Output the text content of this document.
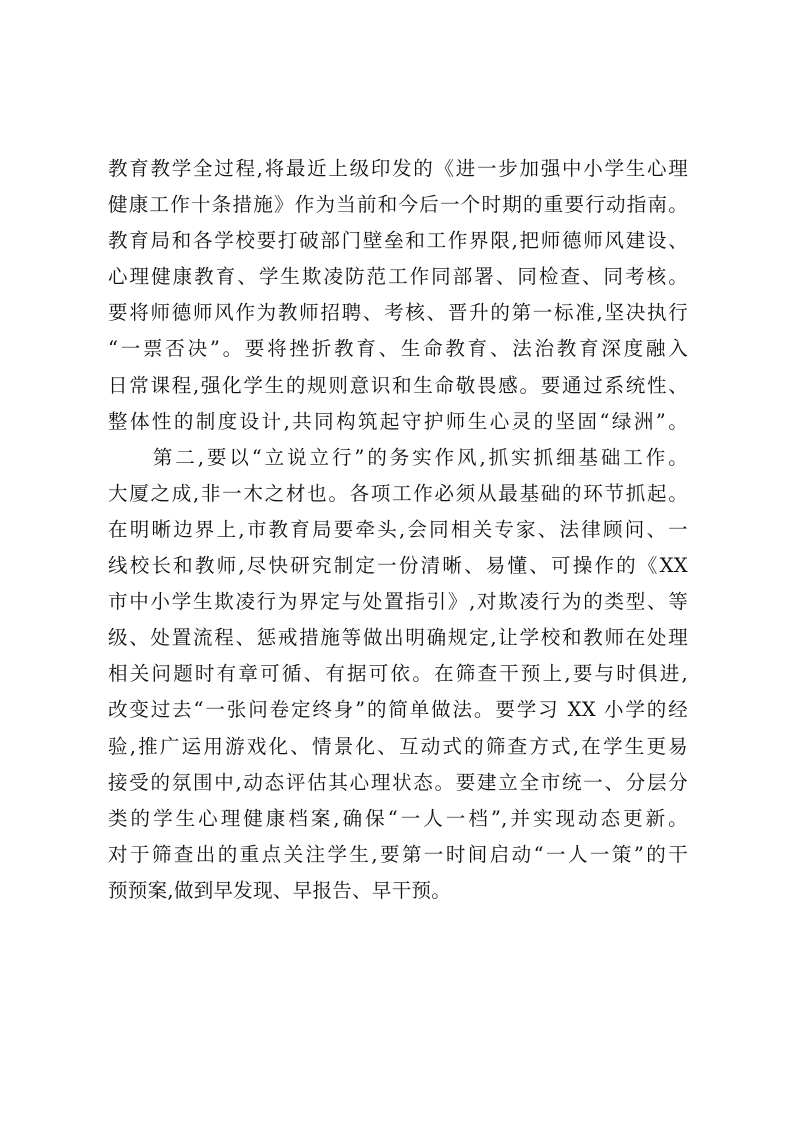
教育教学全过程,将最近上级印发的《进一步加强中小学生心理
健康工作十条措施》作为当前和今后一个时期的重要行动指南。
教育局和各学校要打破部门壁垒和工作界限,把师德师风建设、
心理健康教育、学生欺凌防范工作同部署、同检查、同考核。
要将师德师风作为教师招聘、考核、晋升的第一标准,坚决执行
“一票否决”。要将挫折教育、生命教育、法治教育深度融入
日常课程,强化学生的规则意识和生命敬畏感。要通过系统性、
整体性的制度设计,共同构筑起守护师生心灵的坚固“绿洲”。
　　第二,要以“立说立行”的务实作风,抓实抓细基础工作。
大厦之成,非一木之材也。各项工作必须从最基础的环节抓起。
在明晰边界上,市教育局要牵头,会同相关专家、法律顾问、一
线校长和教师,尽快研究制定一份清晰、易懂、可操作的《XX
市中小学生欺凌行为界定与处置指引》,对欺凌行为的类型、等
级、处置流程、惩戒措施等做出明确规定,让学校和教师在处理
相关问题时有章可循、有据可依。在筛查干预上,要与时俱进,
改变过去“一张问卷定终身”的简单做法。要学习 XX 小学的经
验,推广运用游戏化、情景化、互动式的筛查方式,在学生更易
接受的氛围中,动态评估其心理状态。要建立全市统一、分层分
类的学生心理健康档案,确保“一人一档”,并实现动态更新。
对于筛查出的重点关注学生,要第一时间启动“一人一策”的干
预预案,做到早发现、早报告、早干预。
